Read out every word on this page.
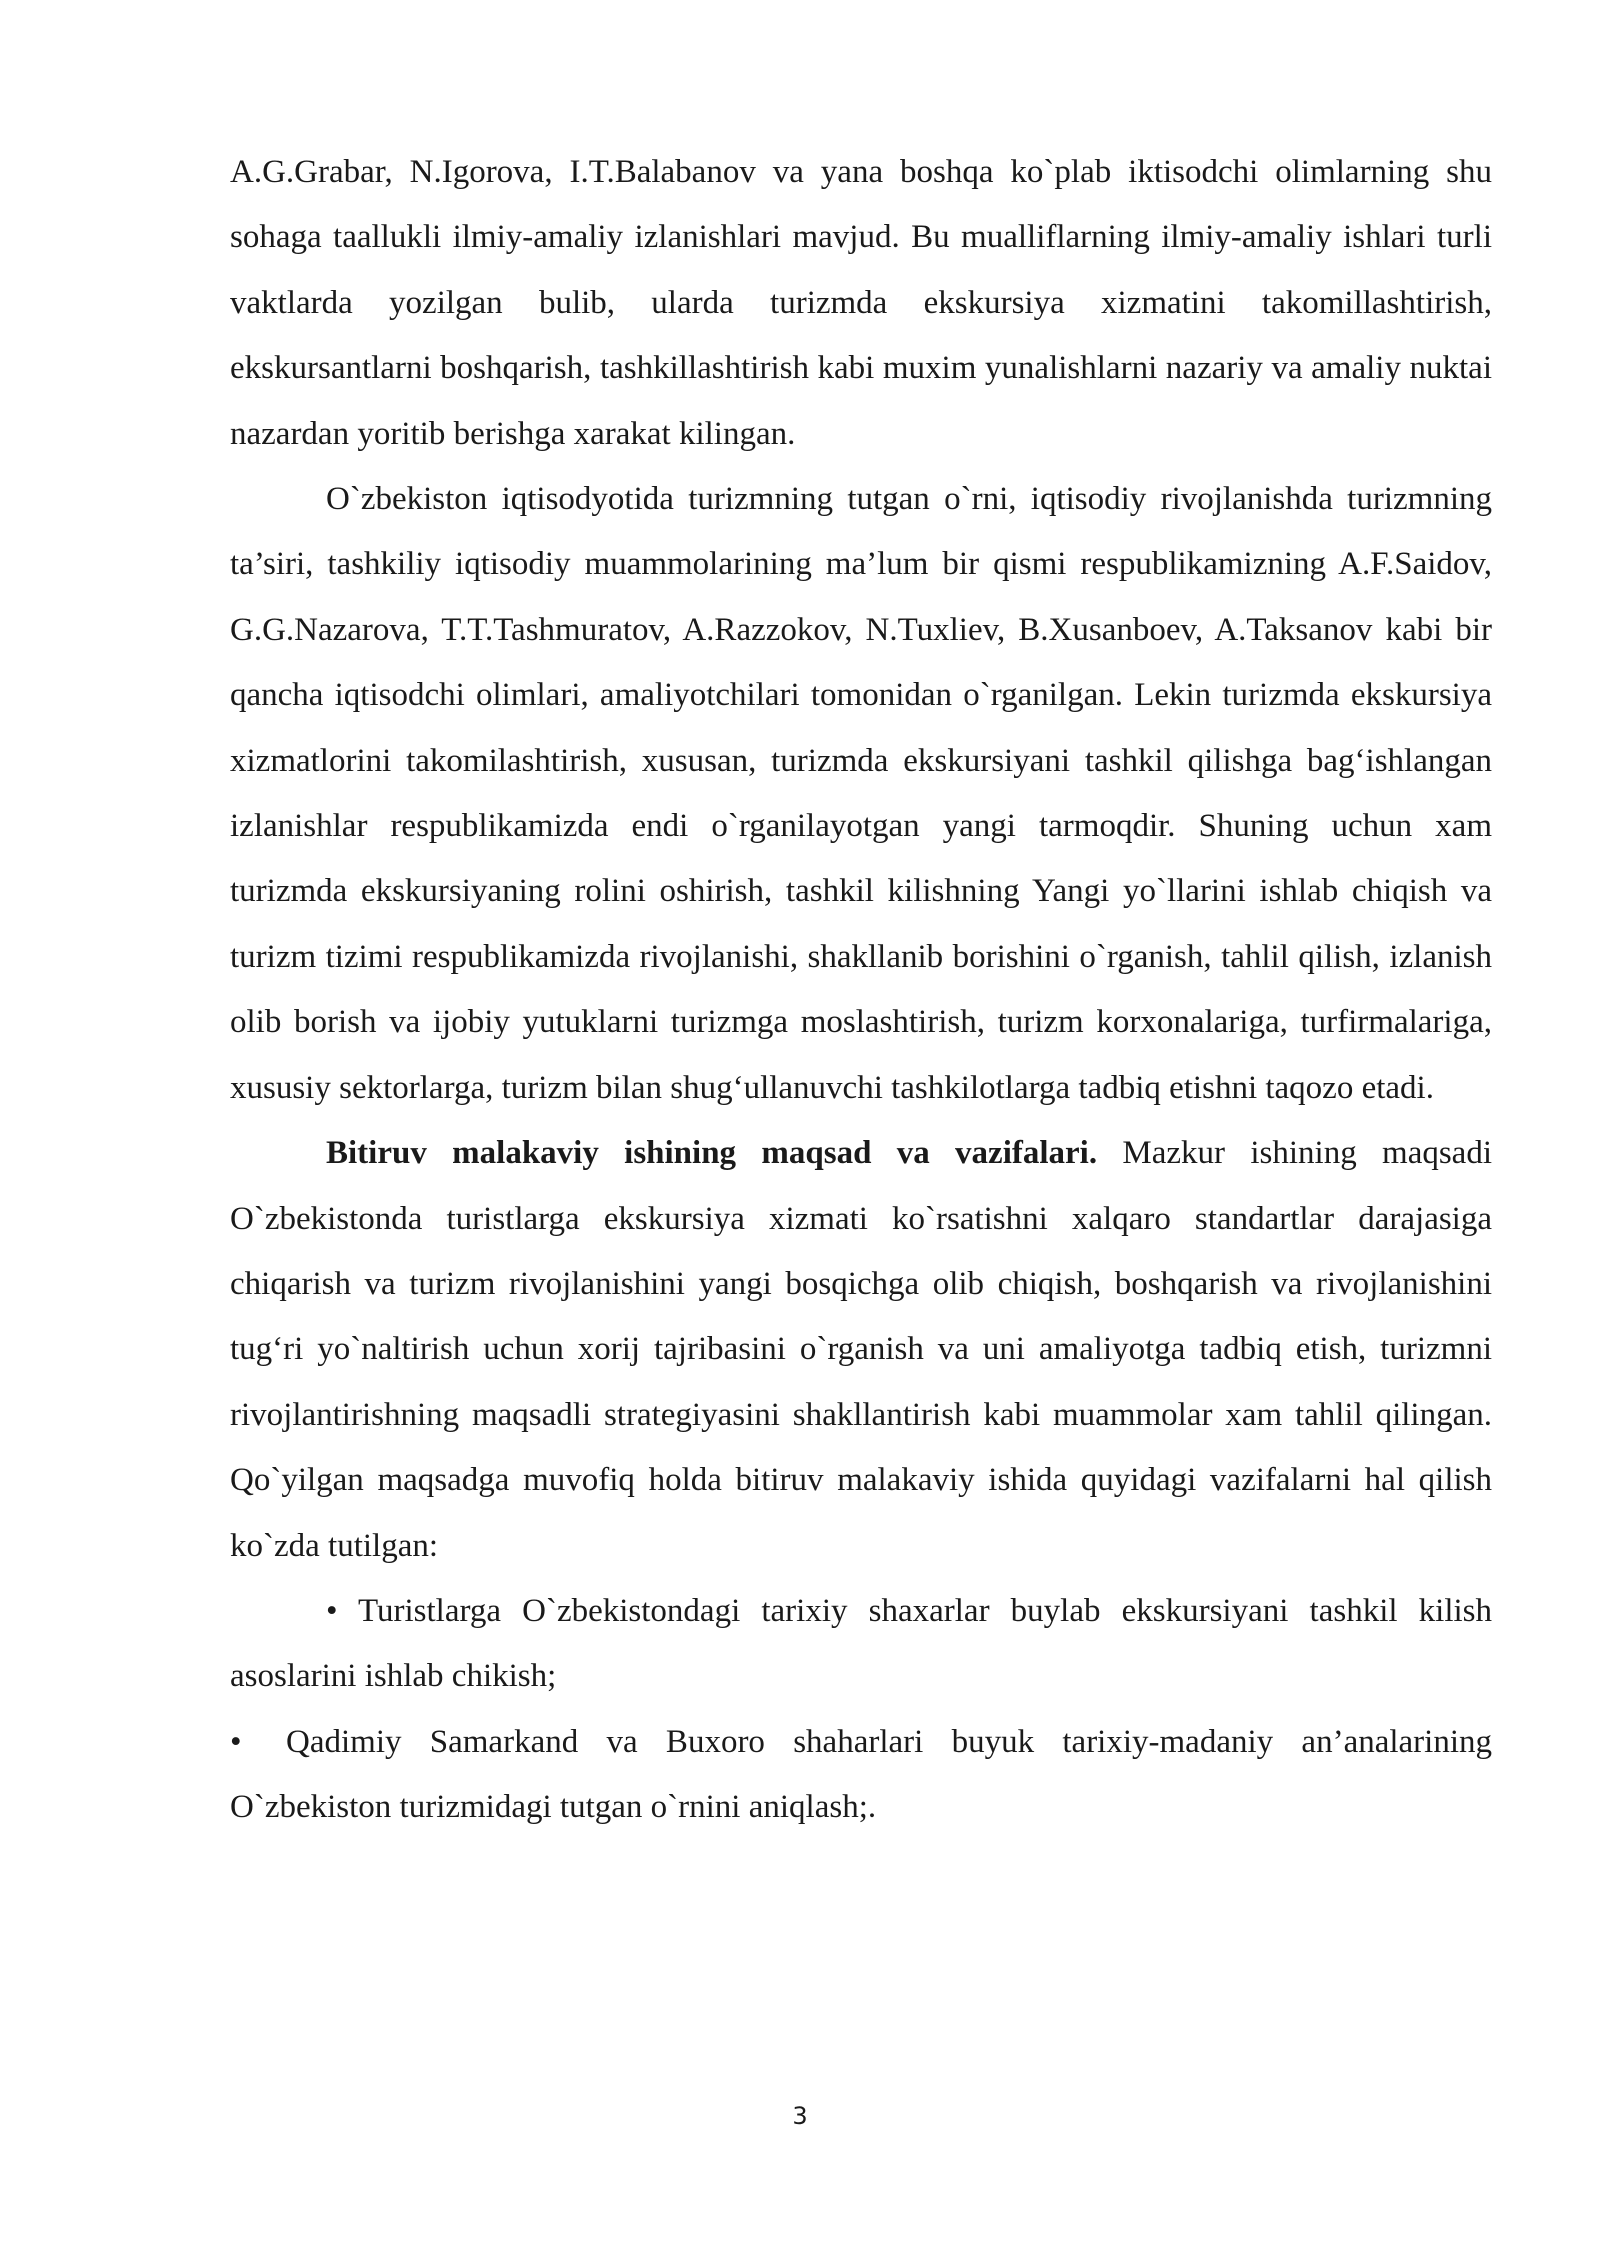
A.G.Grabar, N.Igorova, I.T.Balabanov va yana boshqa ko`plab iktisodchi olimlarning shu sohaga taallukli ilmiy-amaliy izlanishlari mavjud. Bu mualliflarning ilmiy-amaliy ishlari turli vaktlarda yozilgan bulib, ularda turizmda ekskursiya xizmatini takomillashtirish, ekskursantlarni boshqarish, tashkillashtirish kabi muxim yunalishlarni nazariy va amaliy nuktai nazardan yoritib berishga xarakat kilingan.

O`zbekiston iqtisodyotida turizmning tutgan o`rni, iqtisodiy rivojlanishda turizmning ta’siri, tashkiliy iqtisodiy muammolarining ma’lum bir qismi respublikamizning A.F.Saidov, G.G.Nazarova, T.T.Tashmuratov, A.Razzokov, N.Tuxliev, B.Xusanboev, A.Taksanov kabi bir qancha iqtisodchi olimlari, amaliyotchilari tomonidan o`rganilgan. Lekin turizmda ekskursiya xizmatlorini takomilashtirish, xususan, turizmda ekskursiyani tashkil qilishga bag‘ishlangan izlanishlar respublikamizda endi o`rganilayotgan yangi tarmoqdir. Shuning uchun xam turizmda ekskursiyaning rolini oshirish, tashkil kilishning Yangi yo`llarini ishlab chiqish va turizm tizimi respublikamizda rivojlanishi, shakllanib borishini o`rganish, tahlil qilish, izlanish olib borish va ijobiy yutuklarni turizmga moslashtirish, turizm korxonalariga, turfirmalariga, xususiy sektorlarga, turizm bilan shug‘ullanuvchi tashkilotlarga tadbiq etishni taqozo etadi.

Bitiruv malakaviy ishining maqsad va vazifalari. Mazkur ishining maqsadi O`zbekistonda turistlarga ekskursiya xizmati ko`rsatishni xalqaro standartlar darajasiga chiqarish va turizm rivojlanishini yangi bosqichga olib chiqish, boshqarish va rivojlanishini tug‘ri yo`naltirish uchun xorij tajribasini o`rganish va uni amaliyotga tadbiq etish, turizmni rivojlantirishning maqsadli strategiyasini shakllantirish kabi muammolar xam tahlil qilingan. Qo`yilgan maqsadga muvofiq holda bitiruv malakaviy ishida quyidagi vazifalarni hal qilish ko`zda tutilgan:

• Turistlarga O`zbekistondagi tarixiy shaxarlar buylab ekskursiyani tashkil kilish asoslarini ishlab chikish;

• Qadimiy Samarkand va Buxoro shaharlari buyuk tarixiy-madaniy an’analarining O`zbekiston turizmidagi tutgan o`rnini aniqlash;.

3
